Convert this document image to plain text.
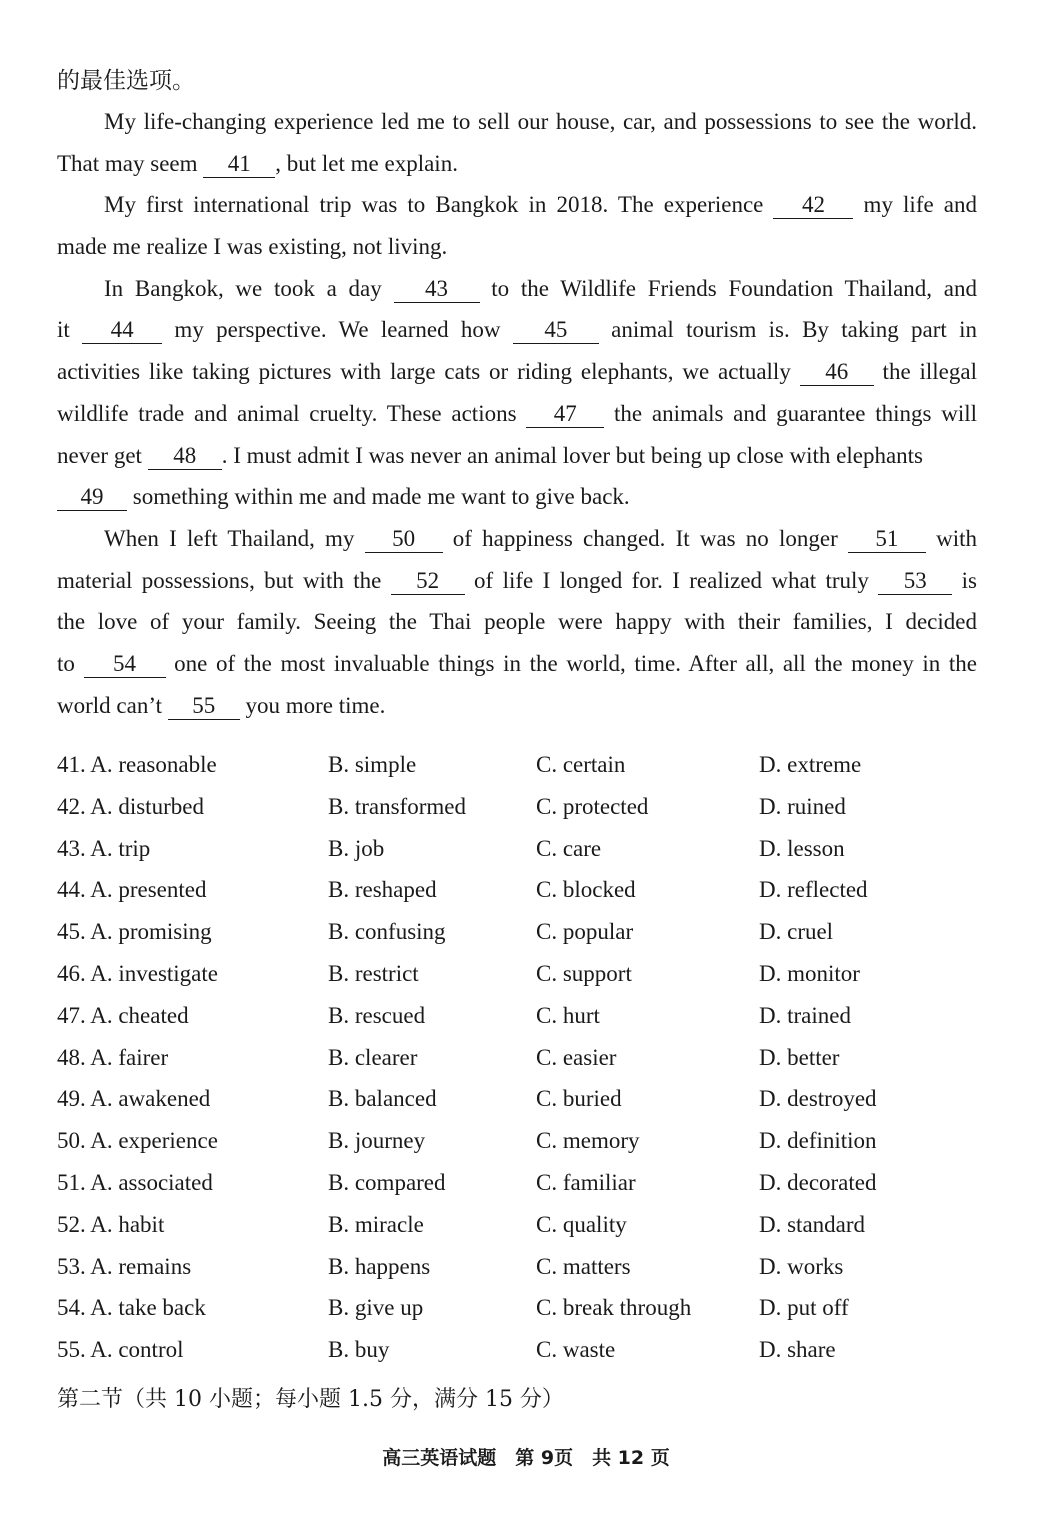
的最佳选项。
My life-changing experience led me to sell our house, car, and possessions to see the world.
That may seem 41 , but let me explain.
My first international trip was to Bangkok in 2018. The experience 42 my life and
made me realize I was existing, not living.
In Bangkok, we took a day 43 to the Wildlife Friends Foundation Thailand, and
it 44 my perspective. We learned how 45 animal tourism is. By taking part in
activities like taking pictures with large cats or riding elephants, we actually 46 the illegal
wildlife trade and animal cruelty. These actions 47 the animals and guarantee things will
never get 48 . I must admit I was never an animal lover but being up close with elephants
49 something within me and made me want to give back.
When I left Thailand, my 50 of happiness changed. It was no longer 51 with
material possessions, but with the 52 of life I longed for. I realized what truly 53 is
the love of your family. Seeing the Thai people were happy with their families, I decided
to 54 one of the most invaluable things in the world, time. After all, all the money in the
world can’t 55 you more time.
41. A. reasonable	B. simple	C. certain	D. extreme
42. A. disturbed	B. transformed	C. protected	D. ruined
43. A. trip	B. job	C. care	D. lesson
44. A. presented	B. reshaped	C. blocked	D. reflected
45. A. promising	B. confusing	C. popular	D. cruel
46. A. investigate	B. restrict	C. support	D. monitor
47. A. cheated	B. rescued	C. hurt	D. trained
48. A. fairer	B. clearer	C. easier	D. better
49. A. awakened	B. balanced	C. buried	D. destroyed
50. A. experience	B. journey	C. memory	D. definition
51. A. associated	B. compared	C. familiar	D. decorated
52. A. habit	B. miracle	C. quality	D. standard
53. A. remains	B. happens	C. matters	D. works
54. A. take back	B. give up	C. break through	D. put off
55. A. control	B. buy	C. waste	D. share
第二节（共 10 小题；每小题 1.5 分，满分 15 分）
高三英语试题　第 9页　共 12 页
